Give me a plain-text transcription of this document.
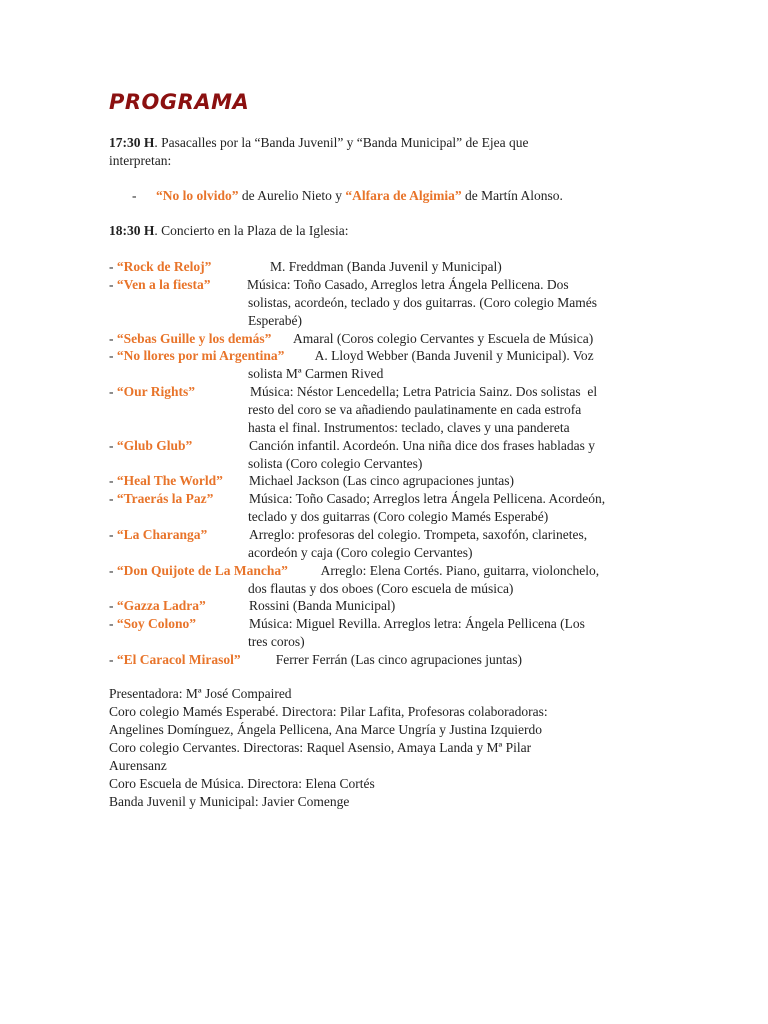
PROGRAMA
17:30 H. Pasacalles por la “Banda Juvenil” y “Banda Municipal” de Ejea que
interpretan:
- “No lo olvido” de Aurelio Nieto y “Alfara de Algimia” de Martín Alonso.
18:30 H. Concierto en la Plaza de la Iglesia:
- “Rock de Reloj”	M. Freddman (Banda Juvenil y Municipal)
- “Ven a la fiesta”	Música: Toño Casado, Arreglos letra Ángela Pellicena. Dos
solistas, acordeón, teclado y dos guitarras. (Coro colegio Mamés
Esperabé)
- “Sebas Guille y los demás” Amaral (Coros colegio Cervantes y Escuela de Música)
- “No llores por mi Argentina” A. Lloyd Webber (Banda Juvenil y Municipal). Voz
solista Mª Carmen Rived
- “Our Rights”	Música: Néstor Lencedella; Letra Patricia Sainz. Dos solistas  el
resto del coro se va añadiendo paulatinamente en cada estrofa
hasta el final. Instrumentos: teclado, claves y una pandereta
- “Glub Glub”	Canción infantil. Acordeón. Una niña dice dos frases habladas y
solista (Coro colegio Cervantes)
- “Heal The World” Michael Jackson (Las cinco agrupaciones juntas)
- “Traerás la Paz”	Música: Toño Casado; Arreglos letra Ángela Pellicena. Acordeón,
teclado y dos guitarras (Coro colegio Mamés Esperabé)
- “La Charanga”	Arreglo: profesoras del colegio. Trompeta, saxofón, clarinetes,
acordeón y caja (Coro colegio Cervantes)
- “Don Quijote de La Mancha” Arreglo: Elena Cortés. Piano, guitarra, violonchelo,
dos flautas y dos oboes (Coro escuela de música)
- “Gazza Ladra”	Rossini (Banda Municipal)
- “Soy Colono”	Música: Miguel Revilla. Arreglos letra: Ángela Pellicena (Los
tres coros)
- “El Caracol Mirasol” Ferrer Ferrán (Las cinco agrupaciones juntas)
Presentadora: Mª José Compaired
Coro colegio Mamés Esperabé. Directora: Pilar Lafita, Profesoras colaboradoras:
Angelines Domínguez, Ángela Pellicena, Ana Marce Ungría y Justina Izquierdo
Coro colegio Cervantes. Directoras: Raquel Asensio, Amaya Landa y Mª Pilar
Aurensanz
Coro Escuela de Música. Directora: Elena Cortés
Banda Juvenil y Municipal: Javier Comenge
